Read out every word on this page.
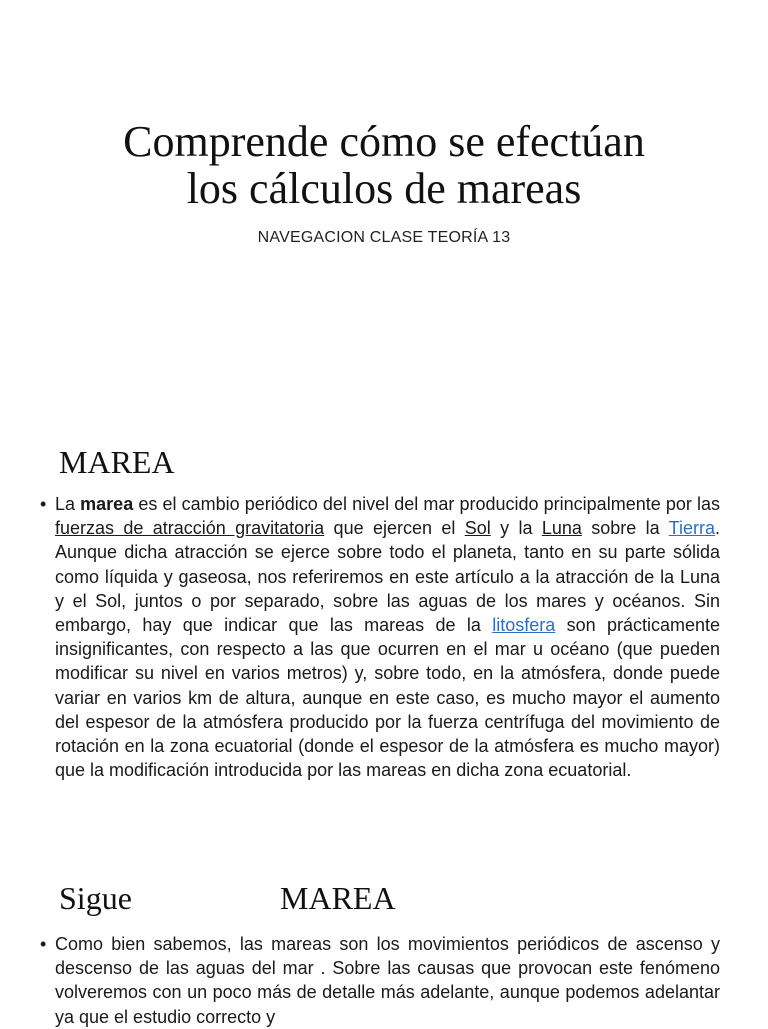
Comprende cómo se efectúan
los cálculos de mareas
NAVEGACION CLASE TEORÍA 13
MAREA
• La marea es el cambio periódico del nivel del mar producido principalmente por las fuerzas de atracción gravitatoria que ejercen el Sol y la Luna sobre la Tierra. Aunque dicha atracción se ejerce sobre todo el planeta, tanto en su parte sólida como líquida y gaseosa, nos referiremos en este artículo a la atracción de la Luna y el Sol, juntos o por separado, sobre las aguas de los mares y océanos. Sin embargo, hay que indicar que las mareas de la litosfera son prácticamente insignificantes, con respecto a las que ocurren en el mar u océano (que pueden modificar su nivel en varios metros) y, sobre todo, en la atmósfera, donde puede variar en varios km de altura, aunque en este caso, es mucho mayor el aumento del espesor de la atmósfera producido por la fuerza centrífuga del movimiento de rotación en la zona ecuatorial (donde el espesor de la atmósfera es mucho mayor) que la modificación introducida por las mareas en dicha zona ecuatorial.
Sigue	MAREA
• Como bien sabemos, las mareas son los movimientos periódicos de ascenso y descenso de las aguas del mar . Sobre las causas que provocan este fenómeno volveremos con un poco más de detalle más adelante, aunque podemos adelantar ya que el estudio correcto y
